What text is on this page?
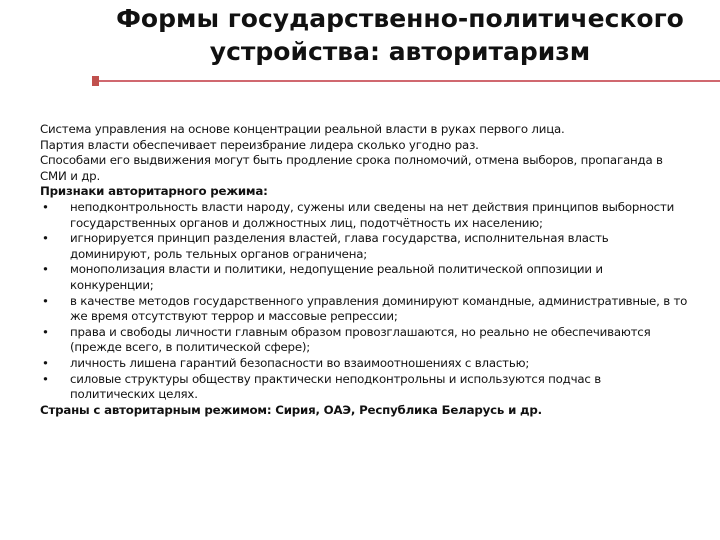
Формы государственно-политического устройства: авторитаризм

Система управления на основе концентрации реальной власти в руках первого лица.

Партия власти обеспечивает переизбрание лидера сколько угодно раз.

Способами его выдвижения могут быть продление срока полномочий, отмена выборов, пропаганда в СМИ и др.

Признаки авторитарного режима:

• неподконтрольность власти народу, сужены или сведены на нет действия принципов выборности государственных органов и должностных лиц, подотчётность их населению;
• игнорируется принцип разделения властей, глава государства, исполнительная власть доминируют, роль тельных органов ограничена;
• монополизация власти и политики, недопущение реальной политической оппозиции и конкуренции;
• в качестве методов государственного управления доминируют командные, административные, в то же время отсутствуют террор и массовые репрессии;
• права и свободы личности главным образом провозглашаются, но реально не обеспечиваются (прежде всего, в политической сфере);
• личность лишена гарантий безопасности во взаимоотношениях с властью;
• силовые структуры обществу практически неподконтрольны и используются подчас в политических целях.

Страны с авторитарным режимом: Сирия, ОАЭ, Республика Беларусь и др.
